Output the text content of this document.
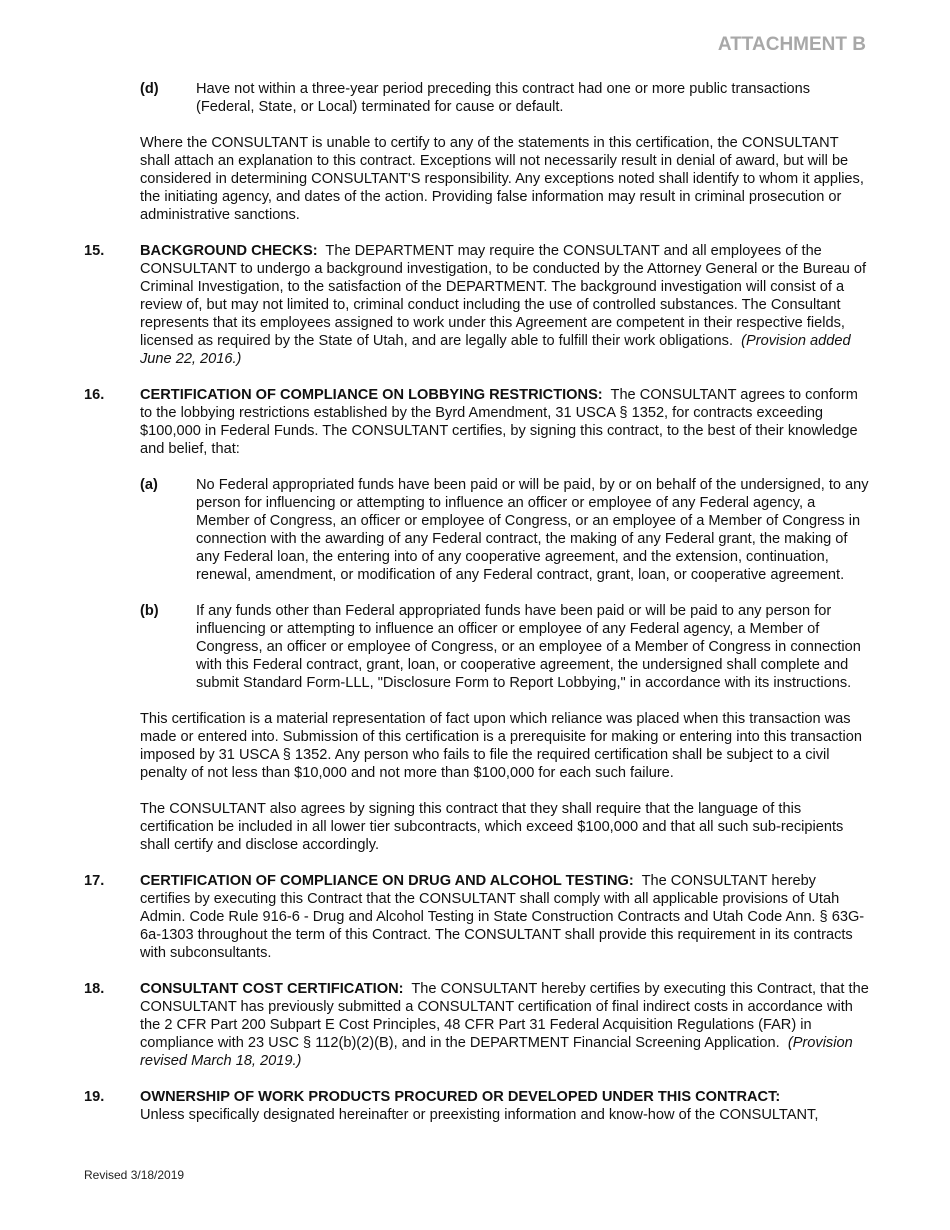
ATTACHMENT B
(d)	Have not within a three-year period preceding this contract had one or more public transactions (Federal, State, or Local) terminated for cause or default.

Where the CONSULTANT is unable to certify to any of the statements in this certification, the CONSULTANT shall attach an explanation to this contract. Exceptions will not necessarily result in denial of award, but will be considered in determining CONSULTANT'S responsibility. Any exceptions noted shall identify to whom it applies, the initiating agency, and dates of the action. Providing false information may result in criminal prosecution or administrative sanctions.

15. BACKGROUND CHECKS: The DEPARTMENT may require the CONSULTANT and all employees of the CONSULTANT to undergo a background investigation, to be conducted by the Attorney General or the Bureau of Criminal Investigation, to the satisfaction of the DEPARTMENT. The background investigation will consist of a review of, but may not limited to, criminal conduct including the use of controlled substances. The Consultant represents that its employees assigned to work under this Agreement are competent in their respective fields, licensed as required by the State of Utah, and are legally able to fulfill their work obligations. (Provision added June 22, 2016.)

16. CERTIFICATION OF COMPLIANCE ON LOBBYING RESTRICTIONS: The CONSULTANT agrees to conform to the lobbying restrictions established by the Byrd Amendment, 31 USCA § 1352, for contracts exceeding $100,000 in Federal Funds. The CONSULTANT certifies, by signing this contract, to the best of their knowledge and belief, that:

(a)	No Federal appropriated funds have been paid or will be paid, by or on behalf of the undersigned, to any person for influencing or attempting to influence an officer or employee of any Federal agency, a Member of Congress, an officer or employee of Congress, or an employee of a Member of Congress in connection with the awarding of any Federal contract, the making of any Federal grant, the making of any Federal loan, the entering into of any cooperative agreement, and the extension, continuation, renewal, amendment, or modification of any Federal contract, grant, loan, or cooperative agreement.

(b)	If any funds other than Federal appropriated funds have been paid or will be paid to any person for influencing or attempting to influence an officer or employee of any Federal agency, a Member of Congress, an officer or employee of Congress, or an employee of a Member of Congress in connection with this Federal contract, grant, loan, or cooperative agreement, the undersigned shall complete and submit Standard Form-LLL, "Disclosure Form to Report Lobbying," in accordance with its instructions.

This certification is a material representation of fact upon which reliance was placed when this transaction was made or entered into. Submission of this certification is a prerequisite for making or entering into this transaction imposed by 31 USCA § 1352. Any person who fails to file the required certification shall be subject to a civil penalty of not less than $10,000 and not more than $100,000 for each such failure.

The CONSULTANT also agrees by signing this contract that they shall require that the language of this certification be included in all lower tier subcontracts, which exceed $100,000 and that all such sub-recipients shall certify and disclose accordingly.

17. CERTIFICATION OF COMPLIANCE ON DRUG AND ALCOHOL TESTING: The CONSULTANT hereby certifies by executing this Contract that the CONSULTANT shall comply with all applicable provisions of Utah Admin. Code Rule 916-6 - Drug and Alcohol Testing in State Construction Contracts and Utah Code Ann. § 63G-6a-1303 throughout the term of this Contract. The CONSULTANT shall provide this requirement in its contracts with subconsultants.

18. CONSULTANT COST CERTIFICATION: The CONSULTANT hereby certifies by executing this Contract, that the CONSULTANT has previously submitted a CONSULTANT certification of final indirect costs in accordance with the 2 CFR Part 200 Subpart E Cost Principles, 48 CFR Part 31 Federal Acquisition Regulations (FAR) in compliance with 23 USC § 112(b)(2)(B), and in the DEPARTMENT Financial Screening Application. (Provision revised March 18, 2019.)

19. OWNERSHIP OF WORK PRODUCTS PROCURED OR DEVELOPED UNDER THIS CONTRACT:
Unless specifically designated hereinafter or preexisting information and know-how of the CONSULTANT,

Revised 3/18/2019
